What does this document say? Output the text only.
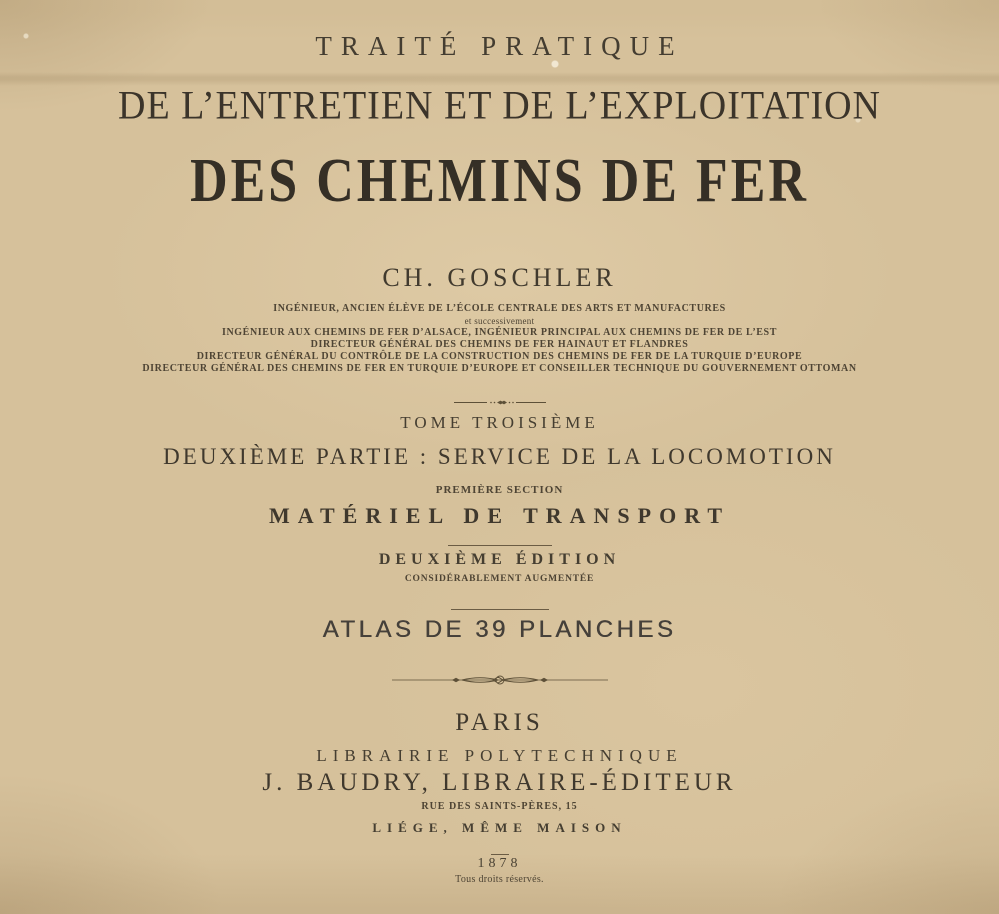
TRAITÉ PRATIQUE
DE L’ENTRETIEN ET DE L’EXPLOITATION
DES CHEMINS DE FER
CH. GOSCHLER
INGÉNIEUR, ANCIEN ÉLÈVE DE L’ÉCOLE CENTRALE DES ARTS ET MANUFACTURES
et successivement
INGÉNIEUR AUX CHEMINS DE FER D’ALSACE, INGÉNIEUR PRINCIPAL AUX CHEMINS DE FER DE L’EST
DIRECTEUR GÉNÉRAL DES CHEMINS DE FER HAINAUT ET FLANDRES
DIRECTEUR GÉNÉRAL DU CONTRÔLE DE LA CONSTRUCTION DES CHEMINS DE FER DE LA TURQUIE D’EUROPE
DIRECTEUR GÉNÉRAL DES CHEMINS DE FER EN TURQUIE D’EUROPE ET CONSEILLER TECHNIQUE DU GOUVERNEMENT OTTOMAN
TOME TROISIÈME
DEUXIÈME PARTIE : SERVICE DE LA LOCOMOTION
PREMIÈRE SECTION
MATÉRIEL DE TRANSPORT
DEUXIÈME ÉDITION
CONSIDÉRABLEMENT AUGMENTÉE
ATLAS DE 39 PLANCHES
PARIS
LIBRAIRIE POLYTECHNIQUE
J. BAUDRY, LIBRAIRE-ÉDITEUR
RUE DES SAINTS-PÈRES, 15
LIÉGE, MÊME MAISON
1878
Tous droits réservés.
